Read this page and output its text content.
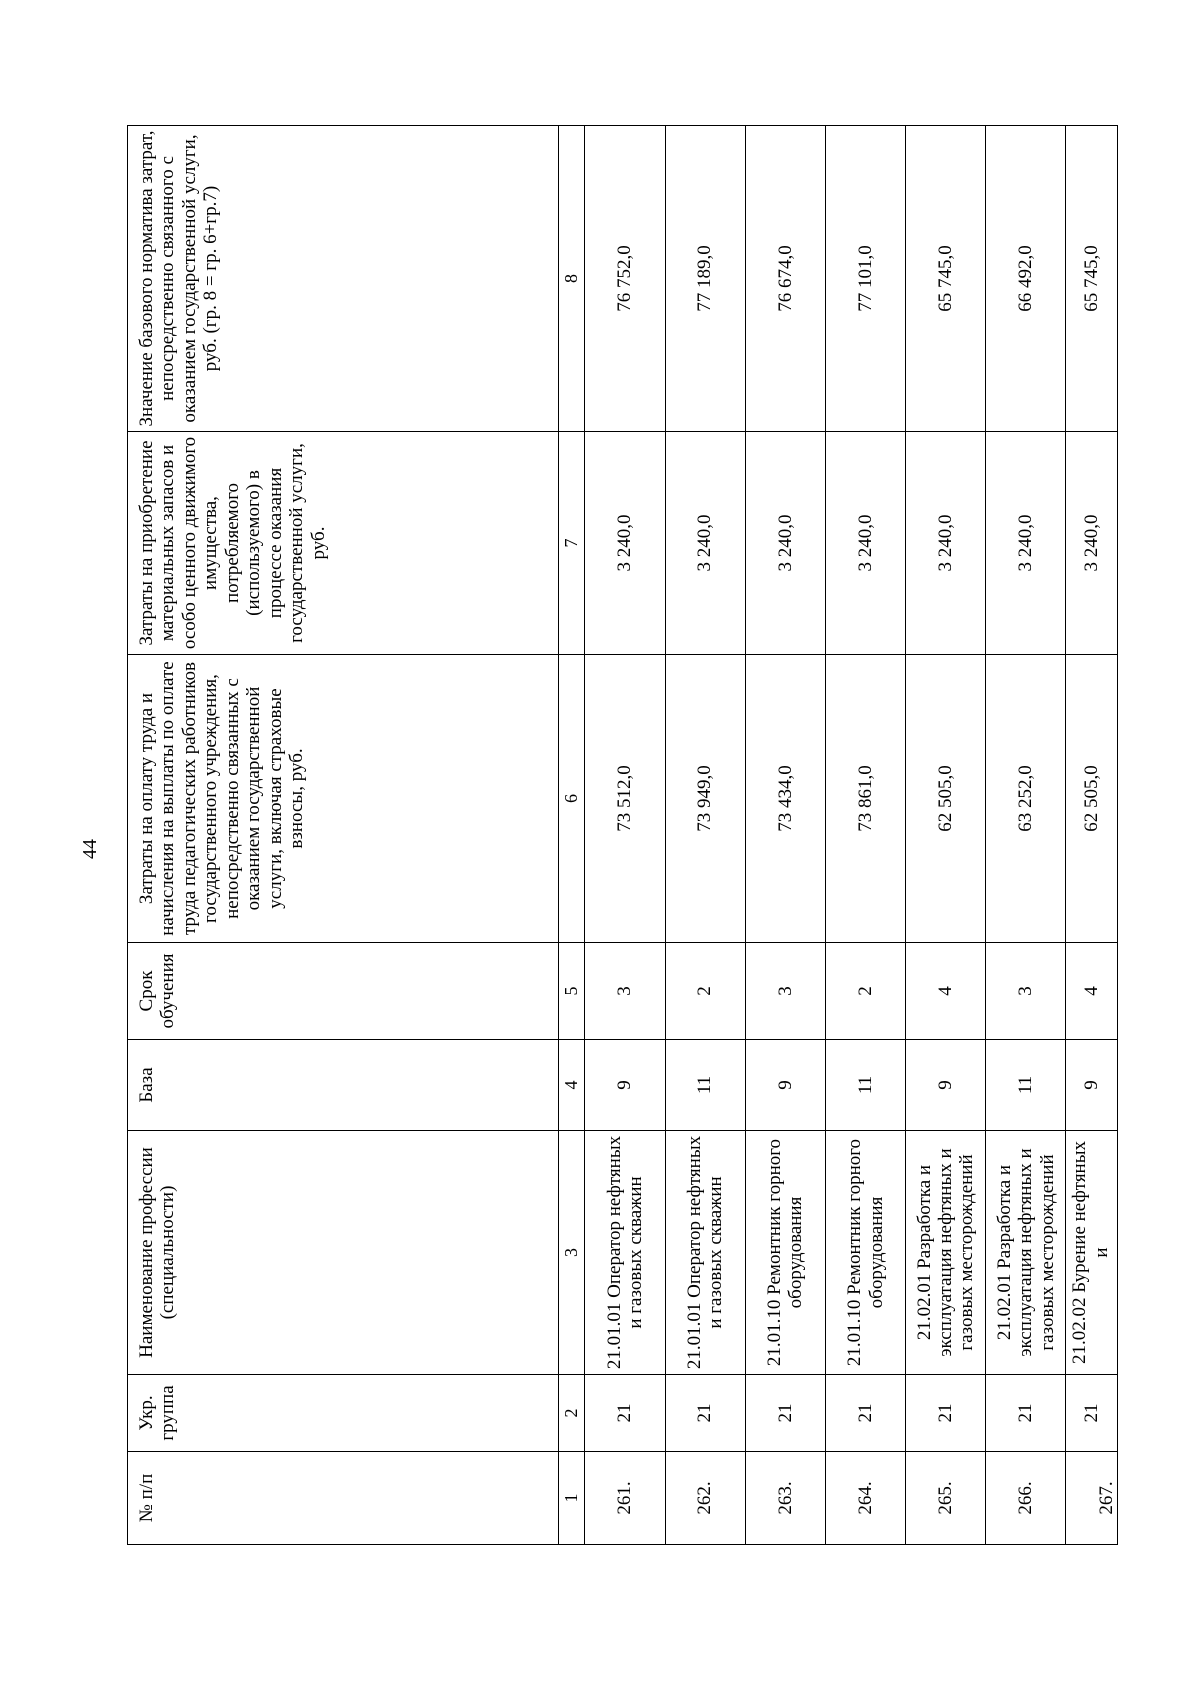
44
№ п/п	Укр. группа	Наименование профессии (специальности)	База	Срок обучения	Затраты на оплату труда и начисления на выплаты по оплате труда педагогических работников государственного учреждения, непосредственно связанных с оказанием государственной услуги, включая страховые взносы, руб.	Затраты на приобретение материальных запасов и особо ценного движимого имущества, потребляемого (используемого) в процессе оказания государственной услуги, руб.	Значение базового норматива затрат, непосредственно связанного с оказанием государственной услуги, руб. (гр. 8 = гр. 6+гр.7)
1	2	3	4	5	6	7	8
261.	21	21.01.01 Оператор нефтяных и газовых скважин	9	3	73 512,0	3 240,0	76 752,0
262.	21	21.01.01 Оператор нефтяных и газовых скважин	11	2	73 949,0	3 240,0	77 189,0
263.	21	21.01.10 Ремонтник горного оборудования	9	3	73 434,0	3 240,0	76 674,0
264.	21	21.01.10 Ремонтник горного оборудования	11	2	73 861,0	3 240,0	77 101,0
265.	21	21.02.01 Разработка и эксплуатация нефтяных и газовых месторождений	9	4	62 505,0	3 240,0	65 745,0
266.	21	21.02.01 Разработка и эксплуатация нефтяных и газовых месторождений	11	3	63 252,0	3 240,0	66 492,0
267.	21	21.02.02 Бурение нефтяных и	9	4	62 505,0	3 240,0	65 745,0
